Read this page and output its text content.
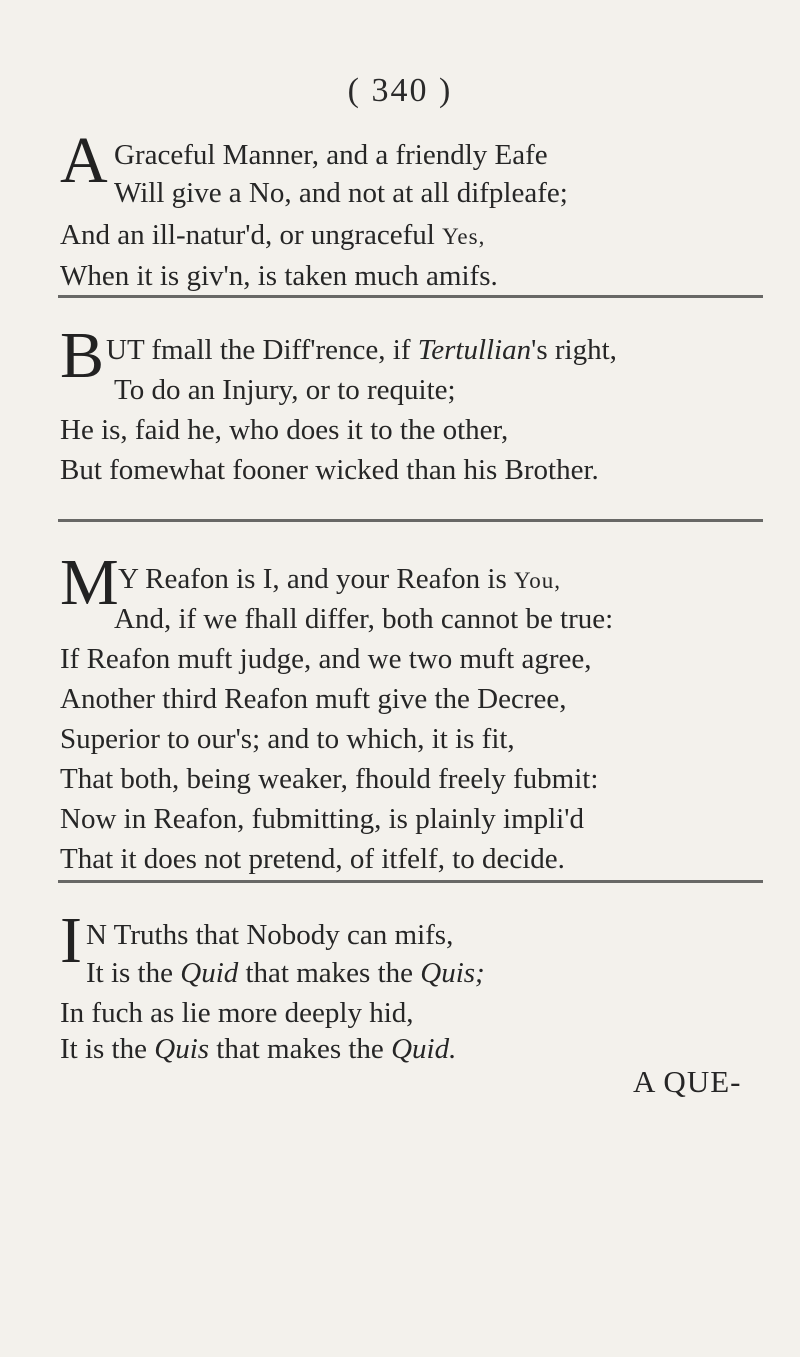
( 340 )
A Graceful Manner, and a friendly Eafe
Will give a No, and not at all difpleafe;
And an ill-natur'd, or ungraceful Yes,
When it is giv'n, is taken much amifs.
B UT fmall the Diff'rence, if Tertullian's right,
To do an Injury, or to requite;
He is, faid he, who does it to the other,
But fomewhat fooner wicked than his Brother.
M Y Reafon is I, and your Reafon is You,
And, if we fhall differ, both cannot be true:
If Reafon muft judge, and we two muft agree,
Another third Reafon muft give the Decree,
Superior to our's; and to which, it is fit,
That both, being weaker, fhould freely fubmit:
Now in Reafon, fubmitting, is plainly impli'd
That it does not pretend, of itfelf, to decide.
I N Truths that Nobody can mifs,
It is the Quid that makes the Quis;
In fuch as lie more deeply hid,
It is the Quis that makes the Quid.
A QUE-
